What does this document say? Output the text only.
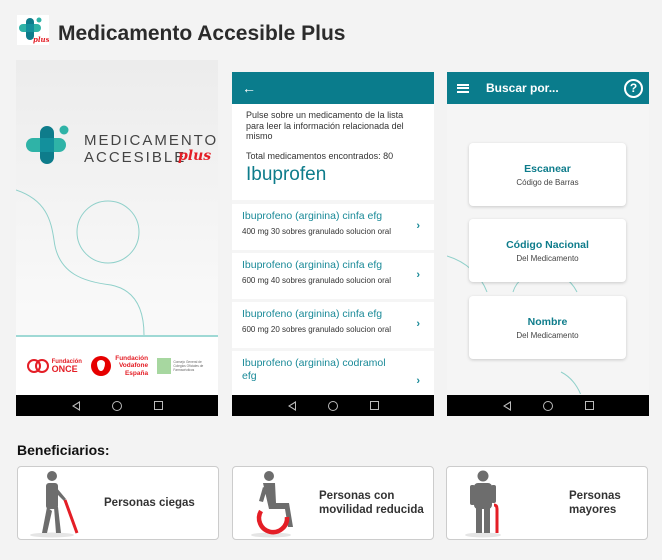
plus Medicamento Accesible Plus
MEDICAMENTO
ACCESIBLE
plus
Fundación
ONCE
Fundación
Vodafone
España
Consejo General de Colegios Oficiales de Farmacéuticos
←
Pulse sobre un medicamento de la lista para leer la información relacionada del mismo
Total medicamentos encontrados: 80
Ibuprofen
Ibuprofeno (arginina) cinfa efg
400 mg 30 sobres granulado solucion oral	›
Ibuprofeno (arginina) cinfa efg
600 mg 40 sobres granulado solucion oral	›
Ibuprofeno (arginina) cinfa efg
600 mg 20 sobres granulado solucion oral	›
Ibuprofeno (arginina) codramol efg	›
Buscar por...	?
Escanear
Código de Barras
Código Nacional
Del Medicamento
Nombre
Del Medicamento
Beneficiarios:
Personas ciegas
Personas con
movilidad reducida
Personas mayores
